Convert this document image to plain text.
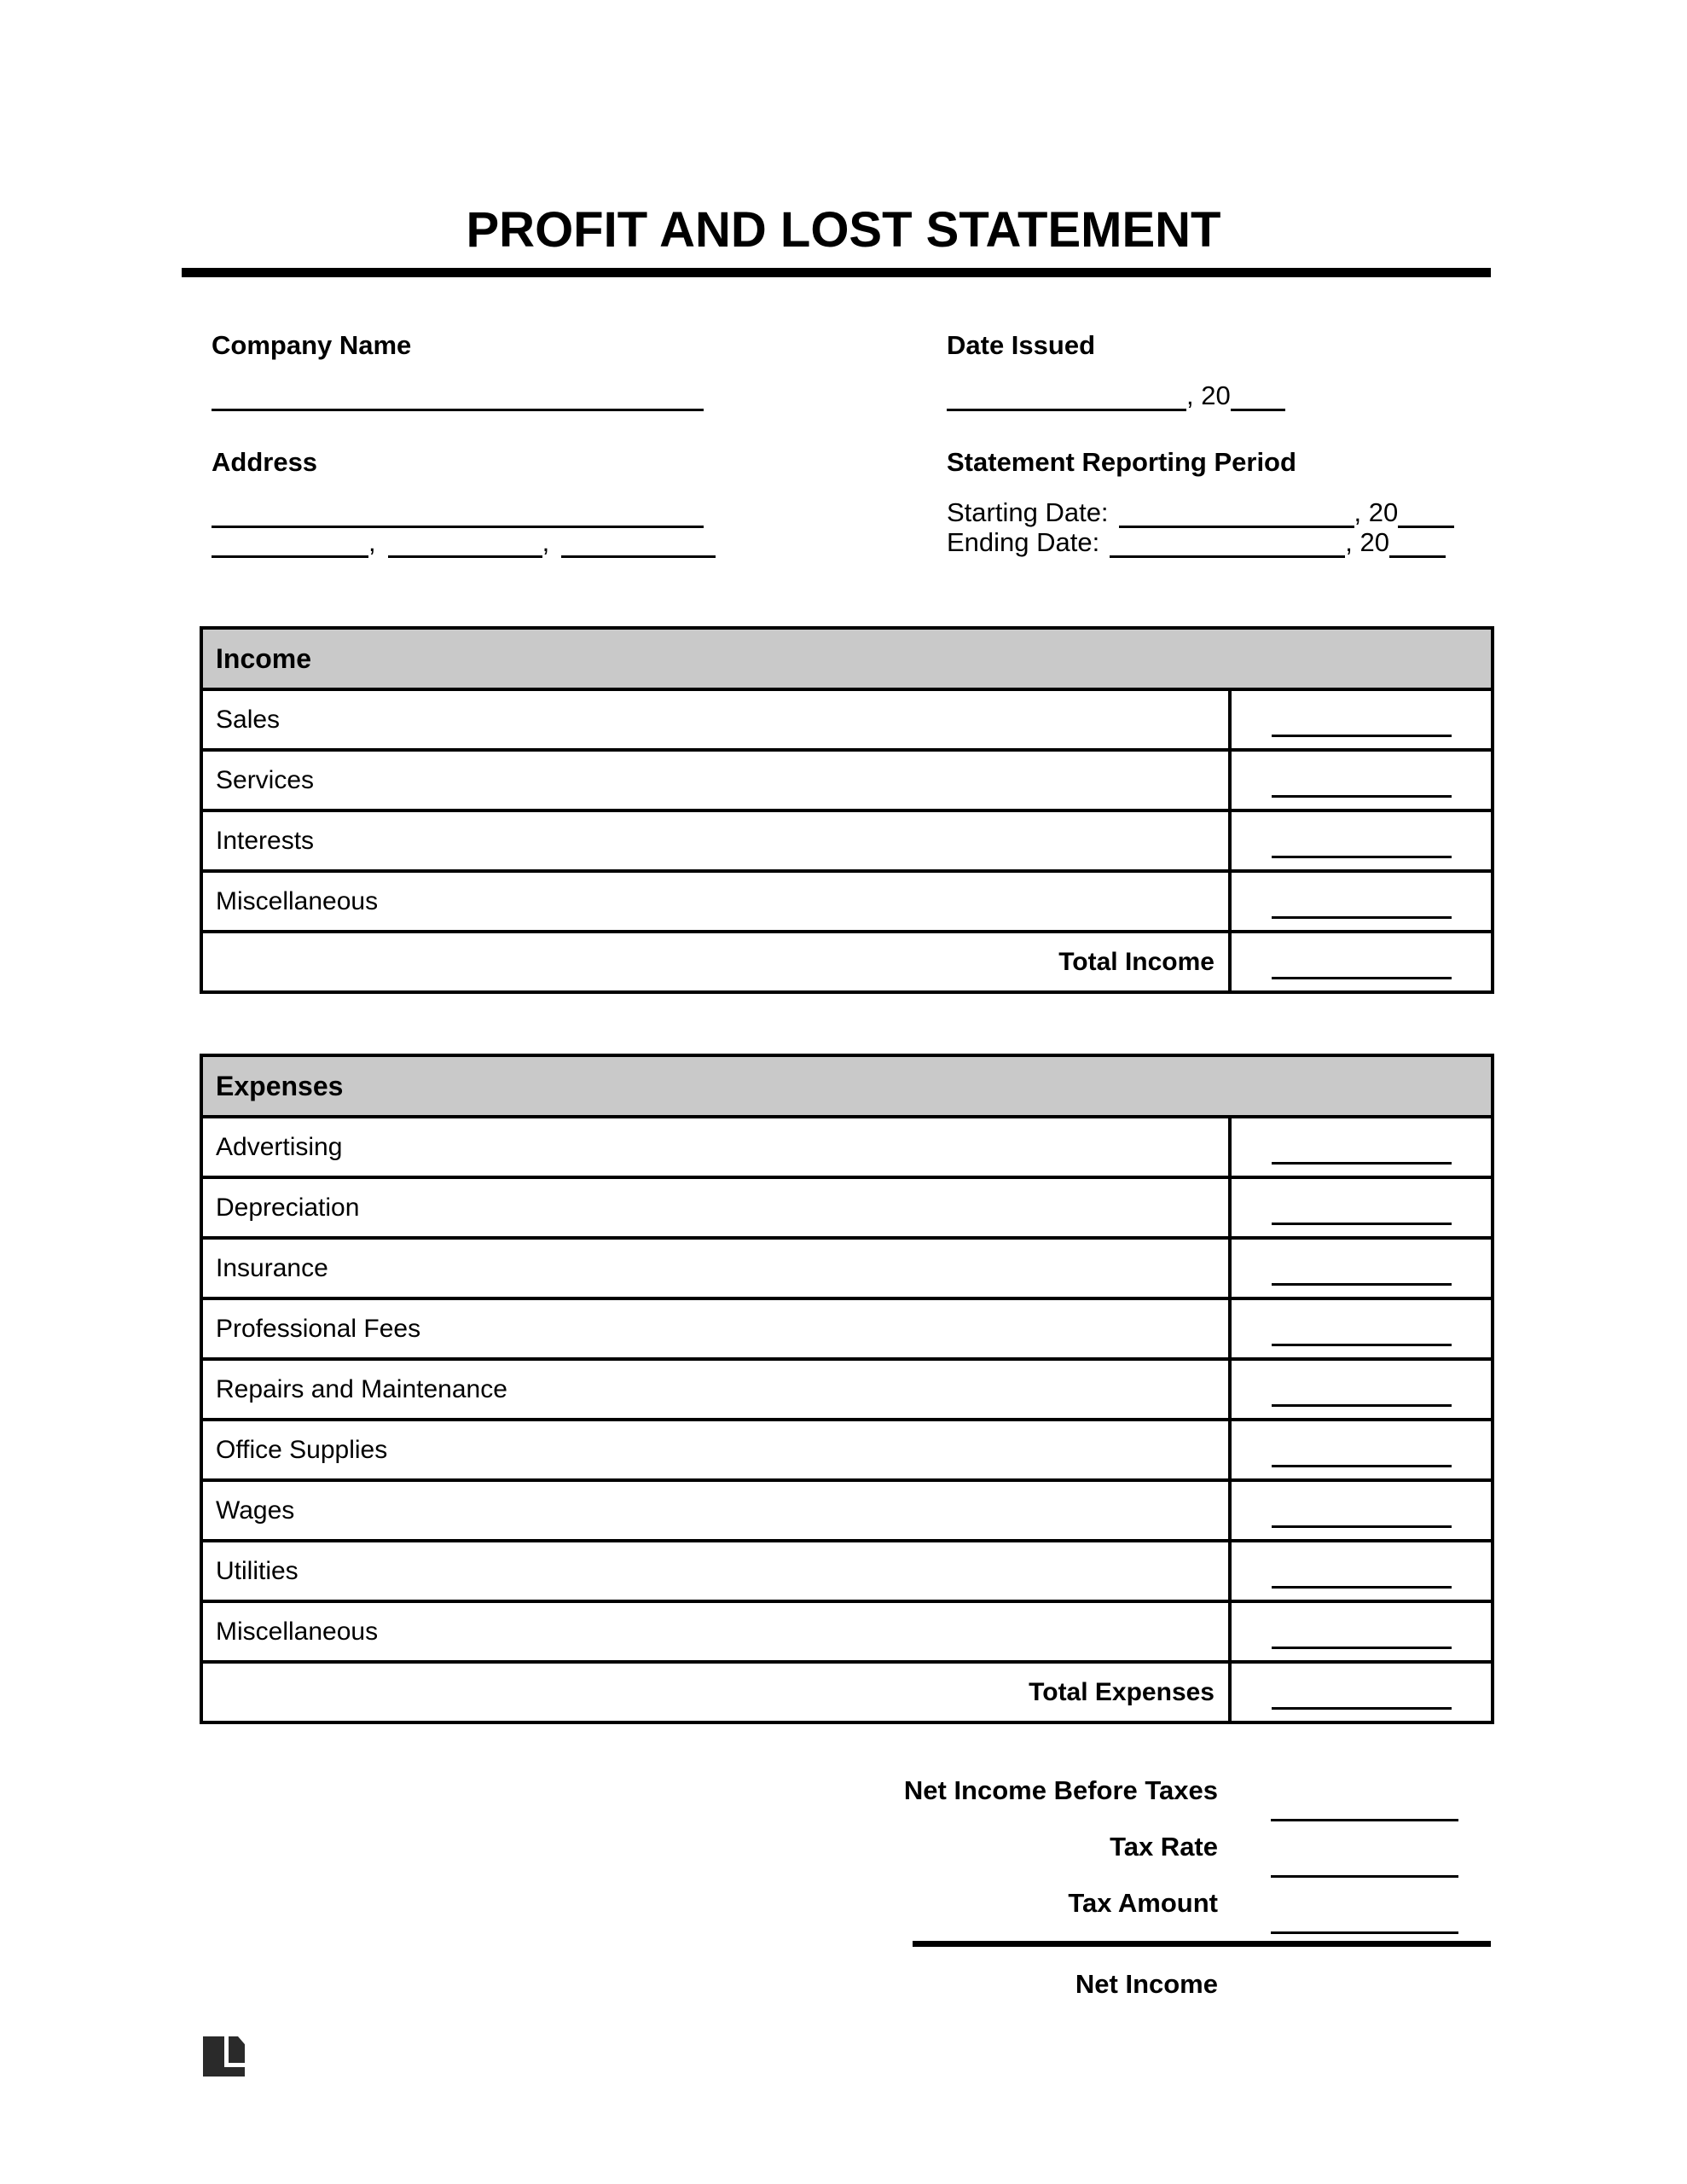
PROFIT AND LOST STATEMENT
Company Name
Address
,	,
Date Issued
, 20
Statement Reporting Period
Starting Date:	, 20
Ending Date:	, 20
Income	
Sales	

Services	

Interests	

Miscellaneous	

Total Income	
Expenses	
Advertising	

Depreciation	

Insurance	

Professional Fees	

Repairs and Maintenance	

Office Supplies	

Wages	

Utilities	

Miscellaneous	

Total Expenses	
Net Income Before Taxes
Tax Rate
Tax Amount
Net Income
